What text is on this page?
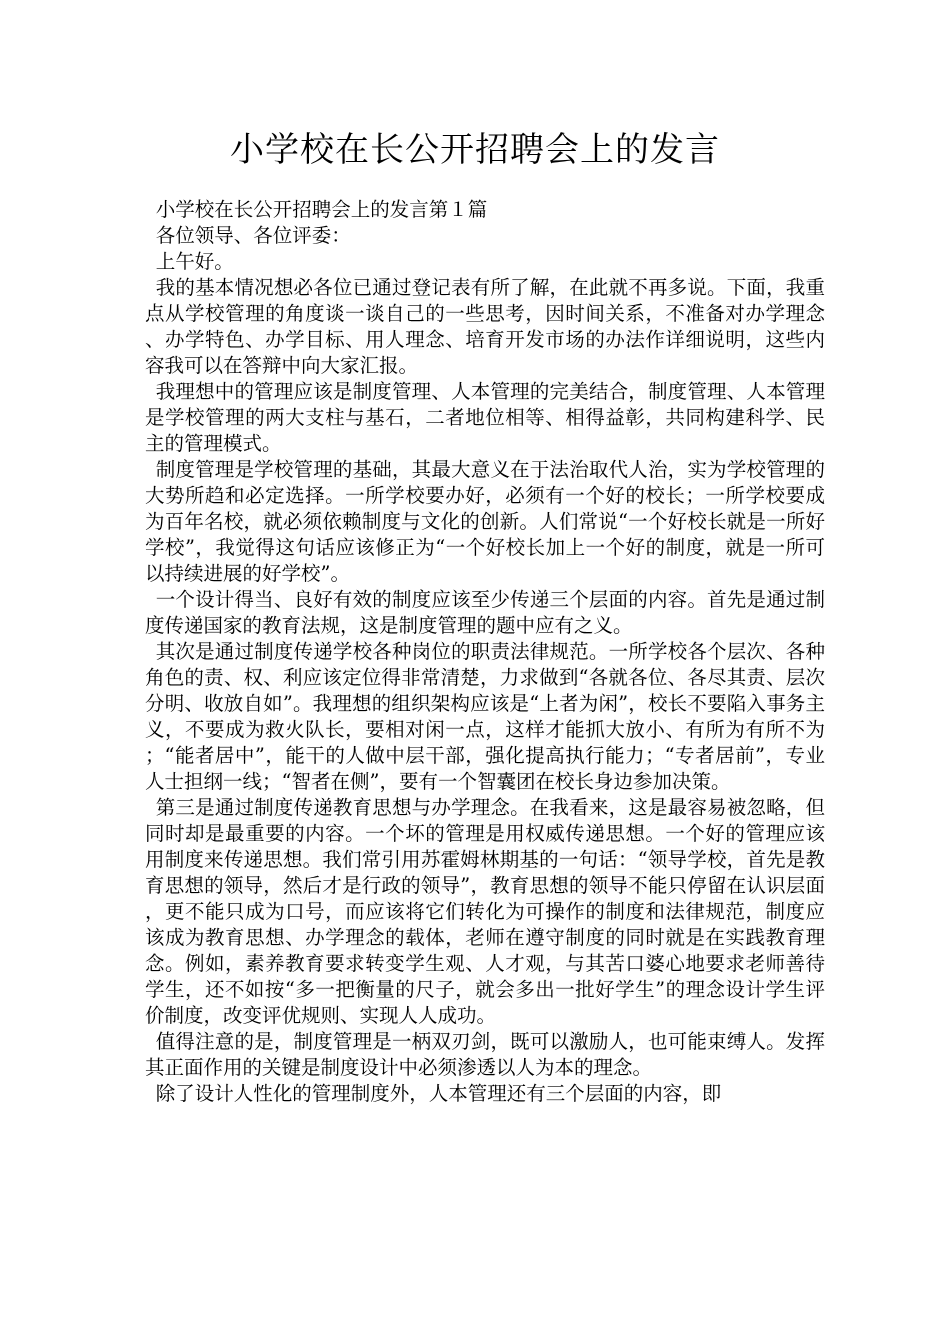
小学校在长公开招聘会上的发言

小学校在长公开招聘会上的发言第１篇

各位领导、各位评委：

上午好。

我的基本情况想必各位已通过登记表有所了解，在此就不再多说。下面，我重点从学校管理的角度谈一谈自己的一些思考，因时间关系，不准备对办学理念、办学特色、办学目标、用人理念、培育开发市场的办法作详细说明，这些内容我可以在答辩中向大家汇报。

我理想中的管理应该是制度管理、人本管理的完美结合，制度管理、人本管理是学校管理的两大支柱与基石，二者地位相等、相得益彰，共同构建科学、民主的管理模式。

制度管理是学校管理的基础，其最大意义在于法治取代人治，实为学校管理的大势所趋和必定选择。一所学校要办好，必须有一个好的校长；一所学校要成为百年名校，就必须依赖制度与文化的创新。人们常说“一个好校长就是一所好学校”，我觉得这句话应该修正为“一个好校长加上一个好的制度，就是一所可以持续进展的好学校”。

一个设计得当、良好有效的制度应该至少传递三个层面的内容。首先是通过制度传递国家的教育法规，这是制度管理的题中应有之义。

其次是通过制度传递学校各种岗位的职责法律规范。一所学校各个层次、各种角色的责、权、利应该定位得非常清楚，力求做到“各就各位、各尽其责、层次分明、收放自如”。我理想的组织架构应该是“上者为闲”，校长不要陷入事务主义，不要成为救火队长，要相对闲一点，这样才能抓大放小、有所为有所不为；“能者居中”，能干的人做中层干部，强化提高执行能力；“专者居前”，专业人士担纲一线；“智者在侧”，要有一个智囊团在校长身边参加决策。

第三是通过制度传递教育思想与办学理念。在我看来，这是最容易被忽略，但同时却是最重要的内容。一个坏的管理是用权威传递思想。一个好的管理应该用制度来传递思想。我们常引用苏霍姆林期基的一句话：“领导学校，首先是教育思想的领导，然后才是行政的领导”，教育思想的领导不能只停留在认识层面，更不能只成为口号，而应该将它们转化为可操作的制度和法律规范，制度应该成为教育思想、办学理念的载体，老师在遵守制度的同时就是在实践教育理念。例如，素养教育要求转变学生观、人才观，与其苦口婆心地要求老师善待学生，还不如按“多一把衡量的尺子，就会多出一批好学生”的理念设计学生评价制度，改变评优规则、实现人人成功。

值得注意的是，制度管理是一柄双刃剑，既可以激励人，也可能束缚人。发挥其正面作用的关键是制度设计中必须渗透以人为本的理念。

除了设计人性化的管理制度外，人本管理还有三个层面的内容，即
